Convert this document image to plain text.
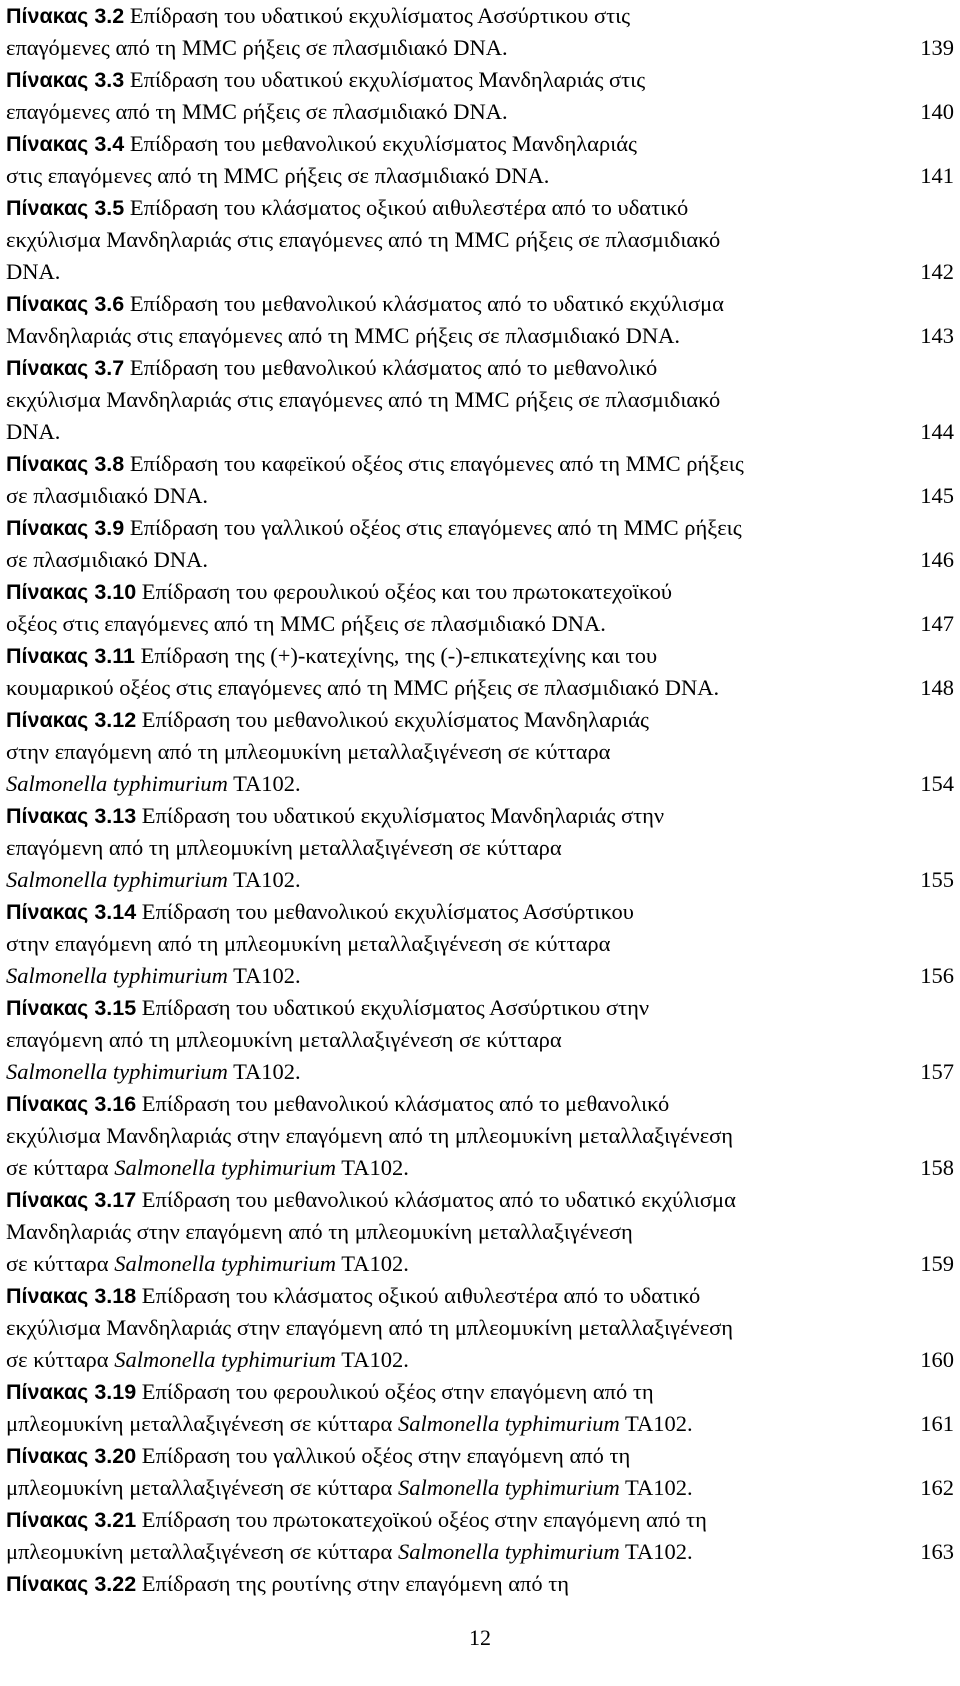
Πίνακας 3.2 Επίδραση του υδατικού εκχυλίσματος Ασσύρτικου στις
επαγόμενες από τη MMC ρήξεις σε πλασμιδιακό DNA.	139
Πίνακας 3.3 Επίδραση του υδατικού εκχυλίσματος Μανδηλαριάς στις
επαγόμενες από τη MMC ρήξεις σε πλασμιδιακό DNA.	140
Πίνακας 3.4 Επίδραση του μεθανολικού εκχυλίσματος Μανδηλαριάς
στις επαγόμενες από τη MMC ρήξεις σε πλασμιδιακό DNA.	141
Πίνακας 3.5 Επίδραση του κλάσματος οξικού αιθυλεστέρα από το υδατικό
εκχύλισμα Μανδηλαριάς στις επαγόμενες από τη MMC ρήξεις σε πλασμιδιακό
DNA.	142
Πίνακας 3.6 Επίδραση του μεθανολικού κλάσματος από το υδατικό εκχύλισμα
Μανδηλαριάς στις επαγόμενες από τη MMC ρήξεις σε πλασμιδιακό DNA.	143
Πίνακας 3.7 Επίδραση του μεθανολικού κλάσματος από το μεθανολικό
εκχύλισμα Μανδηλαριάς στις επαγόμενες από τη MMC ρήξεις σε πλασμιδιακό
DNA.	144
Πίνακας 3.8 Επίδραση του καφεϊκού οξέος στις επαγόμενες από τη MMC ρήξεις
σε πλασμιδιακό DNA.	145
Πίνακας 3.9 Επίδραση του γαλλικού οξέος στις επαγόμενες από τη MMC ρήξεις
σε πλασμιδιακό DNA.	146
Πίνακας 3.10 Επίδραση του φερουλικού οξέος και του πρωτοκατεχοϊκού
οξέος στις επαγόμενες από τη MMC ρήξεις σε πλασμιδιακό DNA.	147
Πίνακας 3.11 Επίδραση της (+)-κατεχίνης, της (-)-επικατεχίνης και του
κουμαρικού οξέος στις επαγόμενες από τη MMC ρήξεις σε πλασμιδιακό DNA.	148
Πίνακας 3.12 Επίδραση του μεθανολικού εκχυλίσματος Μανδηλαριάς
στην επαγόμενη από τη μπλεομυκίνη μεταλλαξιγένεση σε κύτταρα
Salmonella typhimurium TA102.	154
Πίνακας 3.13 Επίδραση του υδατικού εκχυλίσματος Μανδηλαριάς στην
επαγόμενη από τη μπλεομυκίνη μεταλλαξιγένεση σε κύτταρα
Salmonella typhimurium TA102.	155
Πίνακας 3.14 Επίδραση του μεθανολικού εκχυλίσματος Ασσύρτικου
στην επαγόμενη από τη μπλεομυκίνη μεταλλαξιγένεση σε κύτταρα
Salmonella typhimurium TA102.	156
Πίνακας 3.15 Επίδραση του υδατικού εκχυλίσματος Ασσύρτικου στην
επαγόμενη από τη μπλεομυκίνη μεταλλαξιγένεση σε κύτταρα
Salmonella typhimurium TA102.	157
Πίνακας 3.16 Επίδραση του μεθανολικού κλάσματος από το μεθανολικό
εκχύλισμα Μανδηλαριάς στην επαγόμενη από τη μπλεομυκίνη μεταλλαξιγένεση
σε κύτταρα Salmonella typhimurium TA102.	158
Πίνακας 3.17 Επίδραση του μεθανολικού κλάσματος από το υδατικό εκχύλισμα
Μανδηλαριάς στην επαγόμενη από τη μπλεομυκίνη μεταλλαξιγένεση
σε κύτταρα Salmonella typhimurium TA102.	159
Πίνακας 3.18 Επίδραση του κλάσματος οξικού αιθυλεστέρα από το υδατικό
εκχύλισμα Μανδηλαριάς στην επαγόμενη από τη μπλεομυκίνη μεταλλαξιγένεση
σε κύτταρα Salmonella typhimurium TA102.	160
Πίνακας 3.19 Επίδραση του φερουλικού οξέος στην επαγόμενη από τη
μπλεομυκίνη μεταλλαξιγένεση σε κύτταρα Salmonella typhimurium TA102.	161
Πίνακας 3.20 Επίδραση του γαλλικού οξέος στην επαγόμενη από τη
μπλεομυκίνη μεταλλαξιγένεση σε κύτταρα Salmonella typhimurium TA102.	162
Πίνακας 3.21 Επίδραση του πρωτοκατεχοϊκού οξέος στην επαγόμενη από τη
μπλεομυκίνη μεταλλαξιγένεση σε κύτταρα Salmonella typhimurium TA102.	163
Πίνακας 3.22 Επίδραση της ρουτίνης στην επαγόμενη από τη
12
